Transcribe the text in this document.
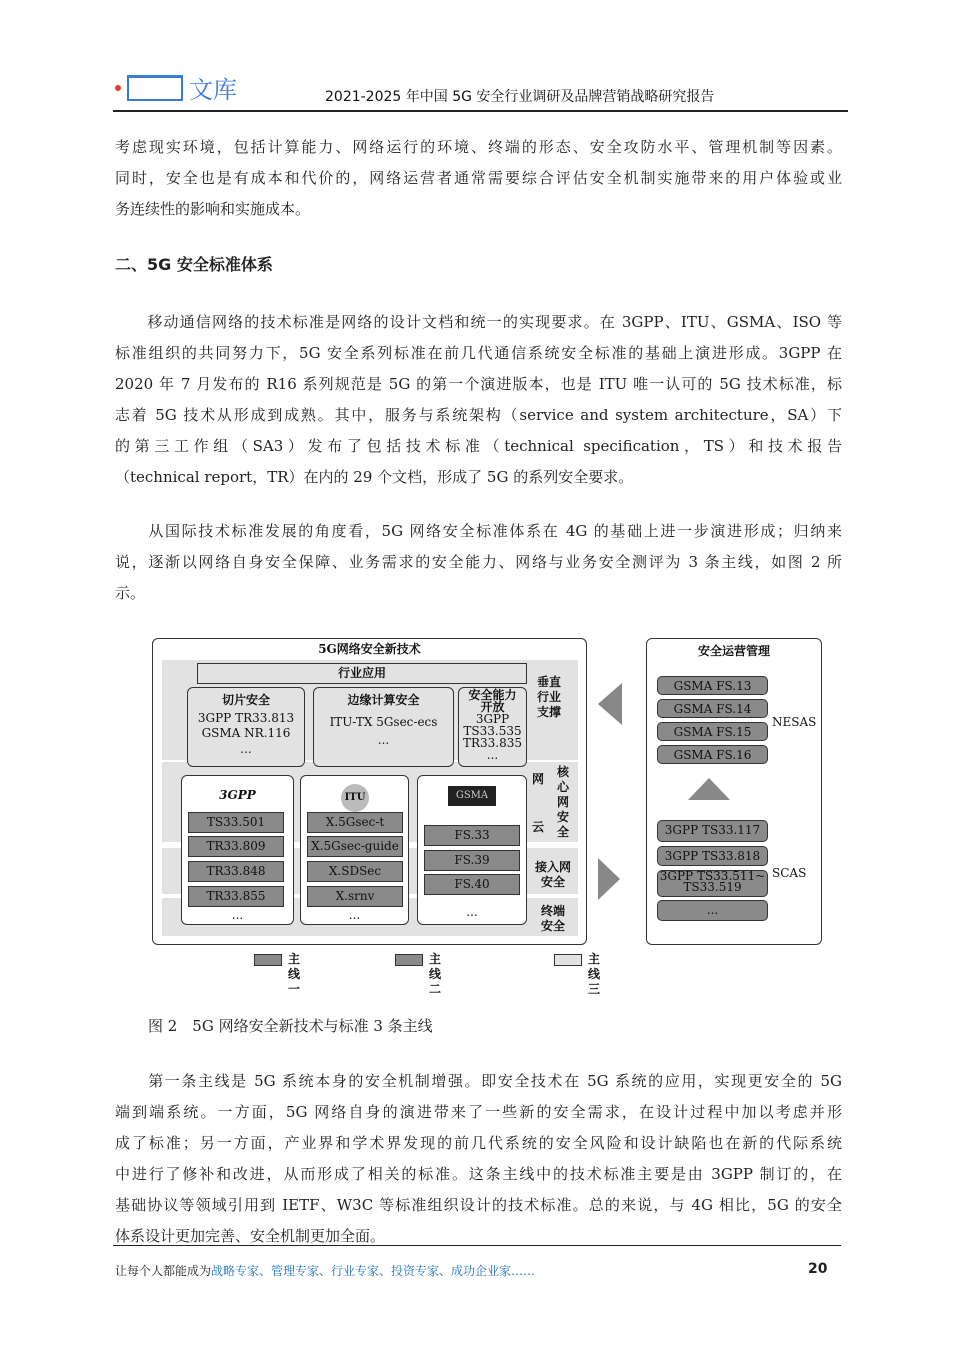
文库	2021-2025 年中国 5G 安全行业调研及品牌营销战略研究报告
考虑现实环境，包括计算能力、网络运行的环境、终端的形态、安全攻防水平、管理机制等因素。
同时，安全也是有成本和代价的，网络运营者通常需要综合评估安全机制实施带来的用户体验或业
务连续性的影响和实施成本。
二、5G 安全标准体系
　　移动通信网络的技术标准是网络的设计文档和统一的实现要求。在 3GPP、ITU、GSMA、ISO 等
标准组织的共同努力下，5G 安全系列标准在前几代通信系统安全标准的基础上演进形成。3GPP 在
2020 年 7 月发布的 R16 系列规范是 5G 的第一个演进版本，也是 ITU 唯一认可的 5G 技术标准，标
志着 5G 技术从形成到成熟。其中，服务与系统架构（service and system architecture，SA）下
的第三工作组（SA3）发布了包括技术标准（technical specification，TS）和技术报告
（technical report，TR）在内的 29 个文档，形成了 5G 的系列安全要求。
　　从国际技术标准发展的角度看，5G 网络安全标准体系在 4G 的基础上进一步演进形成；归纳来
说，逐渐以网络自身安全保障、业务需求的安全能力、网络与业务安全测评为 3 条主线，如图 2 所
示。
5G网络安全新技术
行业应用
切片安全
3GPP TR33.813
GSMA NR.116
...
边缘计算安全
ITU-TX 5Gsec-ecs
...
安全能力
开放
3GPP
TS33.535
TR33.835
...
垂直行业支撑
网
云
核心网安全
接入网安全
终端安全
3GPP	ITU	GSMA
TS33.501
TR33.809
TR33.848
TR33.855
X.5Gsec-t
X.5Gsec-guide
X.SDSec
X.srnv
FS.33
FS.39
FS.40
...	...	...
安全运营管理
GSMA FS.13
GSMA FS.14
GSMA FS.15
GSMA FS.16
3GPP TS33.117
3GPP TS33.818
3GPP TS33.511~ TS33.519
...
NESAS
SCAS
主线一
主线二
主线三
图 2　5G 网络安全新技术与标准 3 条主线
　　第一条主线是 5G 系统本身的安全机制增强。即安全技术在 5G 系统的应用，实现更安全的 5G
端到端系统。一方面，5G 网络自身的演进带来了一些新的安全需求，在设计过程中加以考虑并形
成了标准；另一方面，产业界和学术界发现的前几代系统的安全风险和设计缺陷也在新的代际系统
中进行了修补和改进，从而形成了相关的标准。这条主线中的技术标准主要是由 3GPP 制订的，在
基础协议等领域引用到 IETF、W3C 等标准组织设计的技术标准。总的来说，与 4G 相比，5G 的安全
体系设计更加完善、安全机制更加全面。
让每个人都能成为战略专家、管理专家、行业专家、投资专家、成功企业家……	20
